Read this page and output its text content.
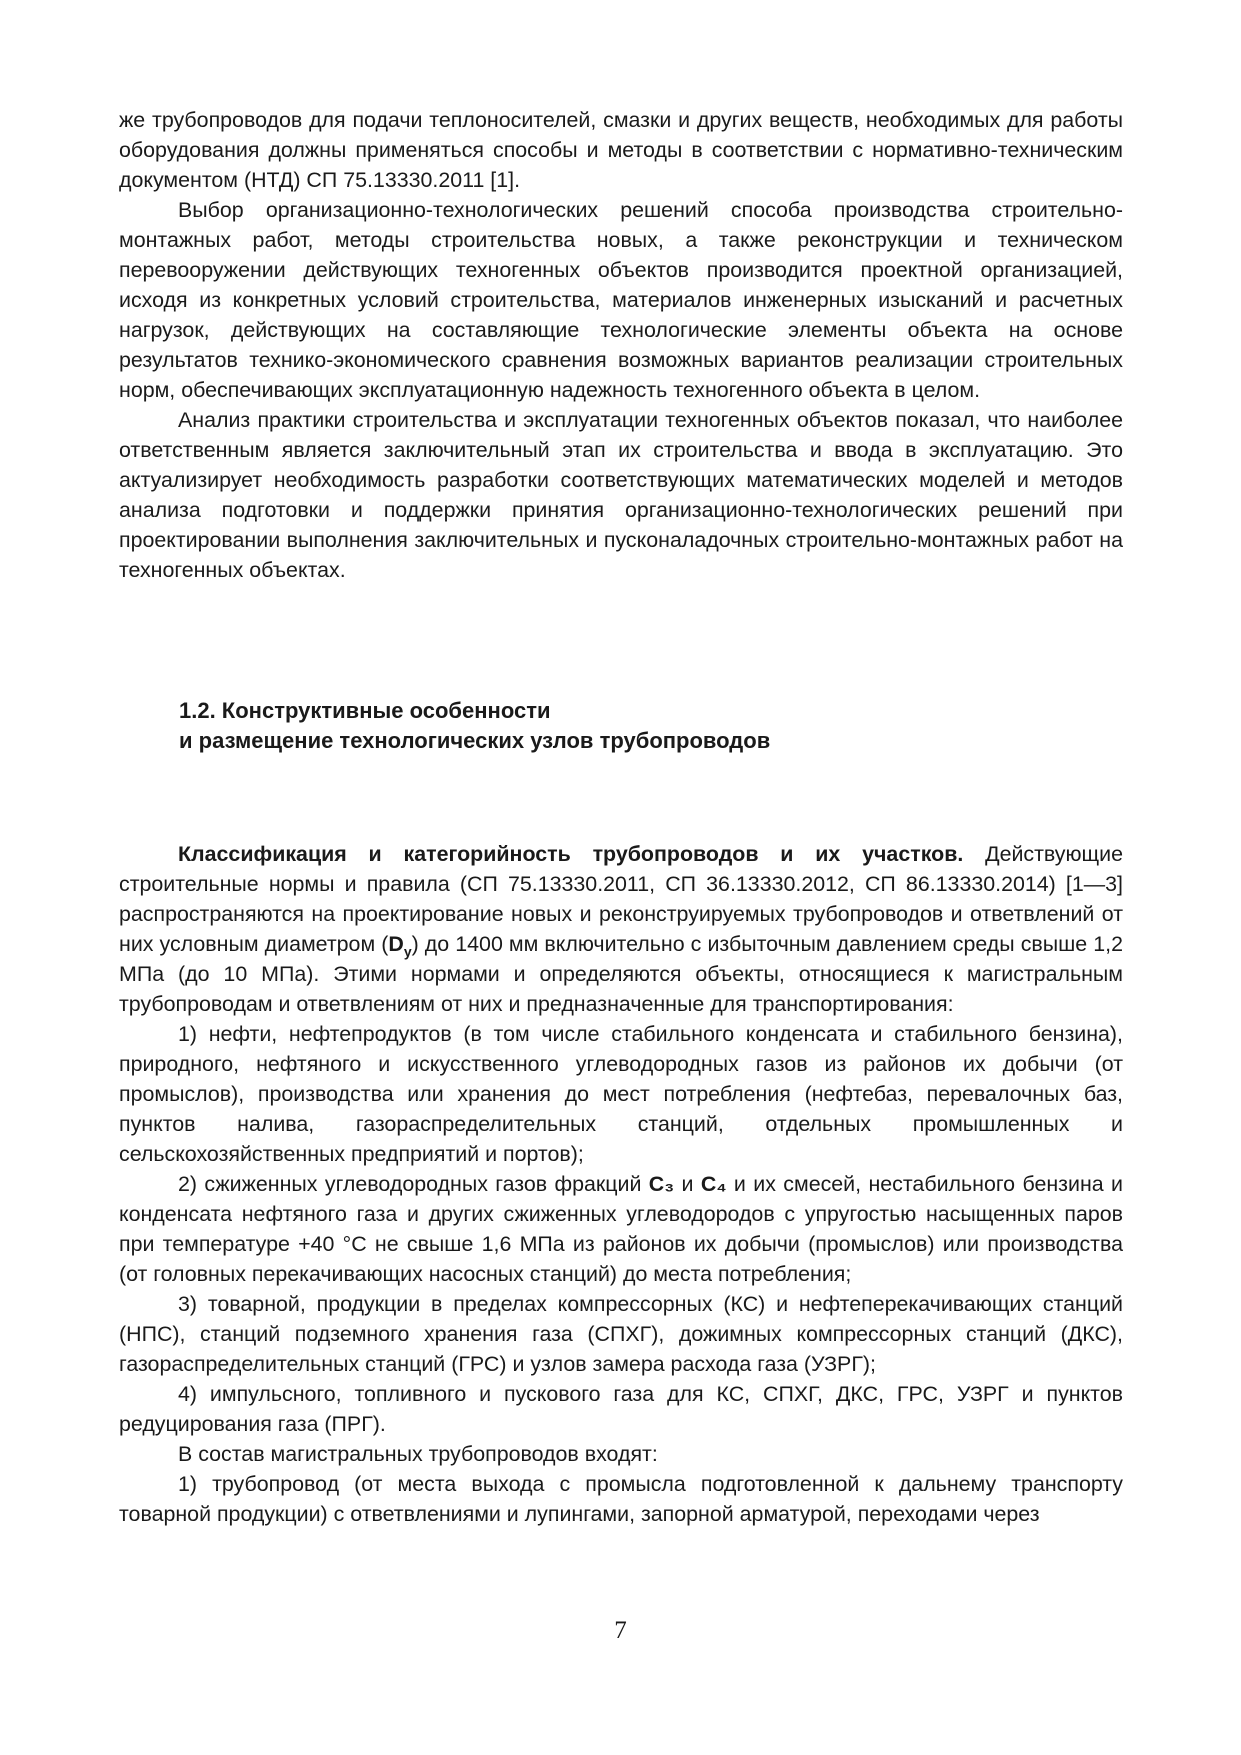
же трубопроводов для подачи теплоносителей, смазки и других веществ, необходимых для работы оборудования должны применяться способы и методы в соответствии с нормативно-техническим документом (НТД) СП 75.13330.2011 [1].

Выбор организационно-технологических решений способа производства строительно-монтажных работ, методы строительства новых, а также реконструкции и техническом перевооружении действующих техногенных объектов производится проектной организацией, исходя из конкретных условий строительства, материалов инженерных изысканий и расчетных нагрузок, действующих на составляющие технологические элементы объекта на основе результатов технико-экономического сравнения возможных вариантов реализации строительных норм, обеспечивающих эксплуатационную надежность техногенного объекта в целом.

Анализ практики строительства и эксплуатации техногенных объектов показал, что наиболее ответственным является заключительный этап их строительства и ввода в эксплуатацию. Это актуализирует необходимость разработки соответствующих математических моделей и методов анализа подготовки и поддержки принятия организационно-технологических решений при проектировании выполнения заключительных и пусконаладочных строительно-монтажных работ на техногенных объектах.

1.2. Конструктивные особенности
и размещение технологических узлов трубопроводов

Классификация и категорийность трубопроводов и их участков. Действующие строительные нормы и правила (СП 75.13330.2011, СП 36.13330.2012, СП 86.13330.2014) [1—3] распространяются на проектирование новых и реконструируемых трубопроводов и ответвлений от них условным диаметром $(D_y)$ до 1400 мм включительно с избыточным давлением среды свыше 1,2 МПа (до 10 МПа). Этими нормами и определяются объекты, относящиеся к магистральным трубопроводам и ответвлениям от них и предназначенные для транспортирования:

1) нефти, нефтепродуктов (в том числе стабильного конденсата и стабильного бензина), природного, нефтяного и искусственного углеводородных газов из районов их добычи (от промыслов), производства или хранения до мест потребления (нефтебаз, перевалочных баз, пунктов налива, газораспределительных станций, отдельных промышленных и сельскохозяйственных предприятий и портов);

2) сжиженных углеводородных газов фракций C₃ и C₄ и их смесей, нестабильного бензина и конденсата нефтяного газа и других сжиженных углеводородов с упругостью насыщенных паров при температуре +40 °С не свыше 1,6 МПа из районов их добычи (промыслов) или производства (от головных перекачивающих насосных станций) до места потребления;

3) товарной, продукции в пределах компрессорных (КС) и нефтеперекачивающих станций (НПС), станций подземного хранения газа (СПХГ), дожимных компрессорных станций (ДКС), газораспределительных станций (ГРС) и узлов замера расхода газа (УЗРГ);

4) импульсного, топливного и пускового газа для КС, СПХГ, ДКС, ГРС, УЗРГ и пунктов редуцирования газа (ПРГ).

В состав магистральных трубопроводов входят:

1) трубопровод (от места выхода с промысла подготовленной к дальнему транспорту товарной продукции) с ответвлениями и лупингами, запорной арматурой, переходами через

7
